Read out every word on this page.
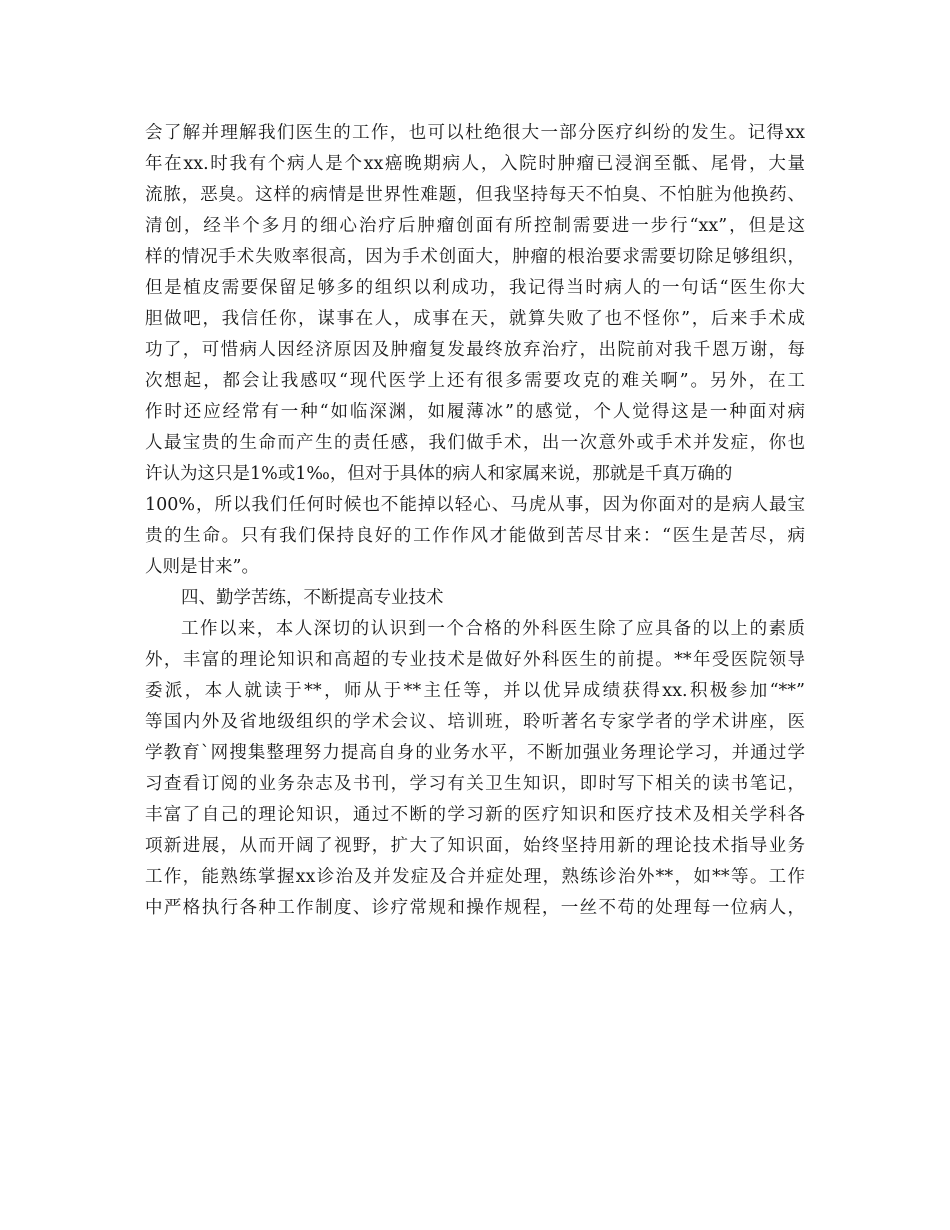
会了解并理解我们医生的工作，也可以杜绝很大一部分医疗纠纷的发生。记得xx
年在xx.时我有个病人是个xx癌晚期病人，入院时肿瘤已浸润至骶、尾骨，大量
流脓，恶臭。这样的病情是世界性难题，但我坚持每天不怕臭、不怕脏为他换药、
清创，经半个多月的细心治疗后肿瘤创面有所控制需要进一步行“xx”，但是这
样的情况手术失败率很高，因为手术创面大，肿瘤的根治要求需要切除足够组织，
但是植皮需要保留足够多的组织以利成功，我记得当时病人的一句话“医生你大
胆做吧，我信任你，谋事在人，成事在天，就算失败了也不怪你”，后来手术成
功了，可惜病人因经济原因及肿瘤复发最终放弃治疗，出院前对我千恩万谢，每
次想起，都会让我感叹“现代医学上还有很多需要攻克的难关啊”。另外，在工
作时还应经常有一种“如临深渊，如履薄冰”的感觉，个人觉得这是一种面对病
人最宝贵的生命而产生的责任感，我们做手术，出一次意外或手术并发症，你也
许认为这只是1%或1‰，但对于具体的病人和家属来说，那就是千真万确的
100%，所以我们任何时候也不能掉以轻心、马虎从事，因为你面对的是病人最宝
贵的生命。只有我们保持良好的工作作风才能做到苦尽甘来：“医生是苦尽，病
人则是甘来”。
四、勤学苦练，不断提高专业技术
工作以来，本人深切的认识到一个合格的外科医生除了应具备的以上的素质
外，丰富的理论知识和高超的专业技术是做好外科医生的前提。**年受医院领导
委派，本人就读于**，师从于**主任等，并以优异成绩获得xx.积极参加“**”
等国内外及省地级组织的学术会议、培训班，聆听著名专家学者的学术讲座，医
学教育`网搜集整理努力提高自身的业务水平，不断加强业务理论学习，并通过学
习查看订阅的业务杂志及书刊，学习有关卫生知识，即时写下相关的读书笔记，
丰富了自己的理论知识，通过不断的学习新的医疗知识和医疗技术及相关学科各
项新进展，从而开阔了视野，扩大了知识面，始终坚持用新的理论技术指导业务
工作，能熟练掌握xx诊治及并发症及合并症处理，熟练诊治外**，如**等。工作
中严格执行各种工作制度、诊疗常规和操作规程，一丝不苟的处理每一位病人，
